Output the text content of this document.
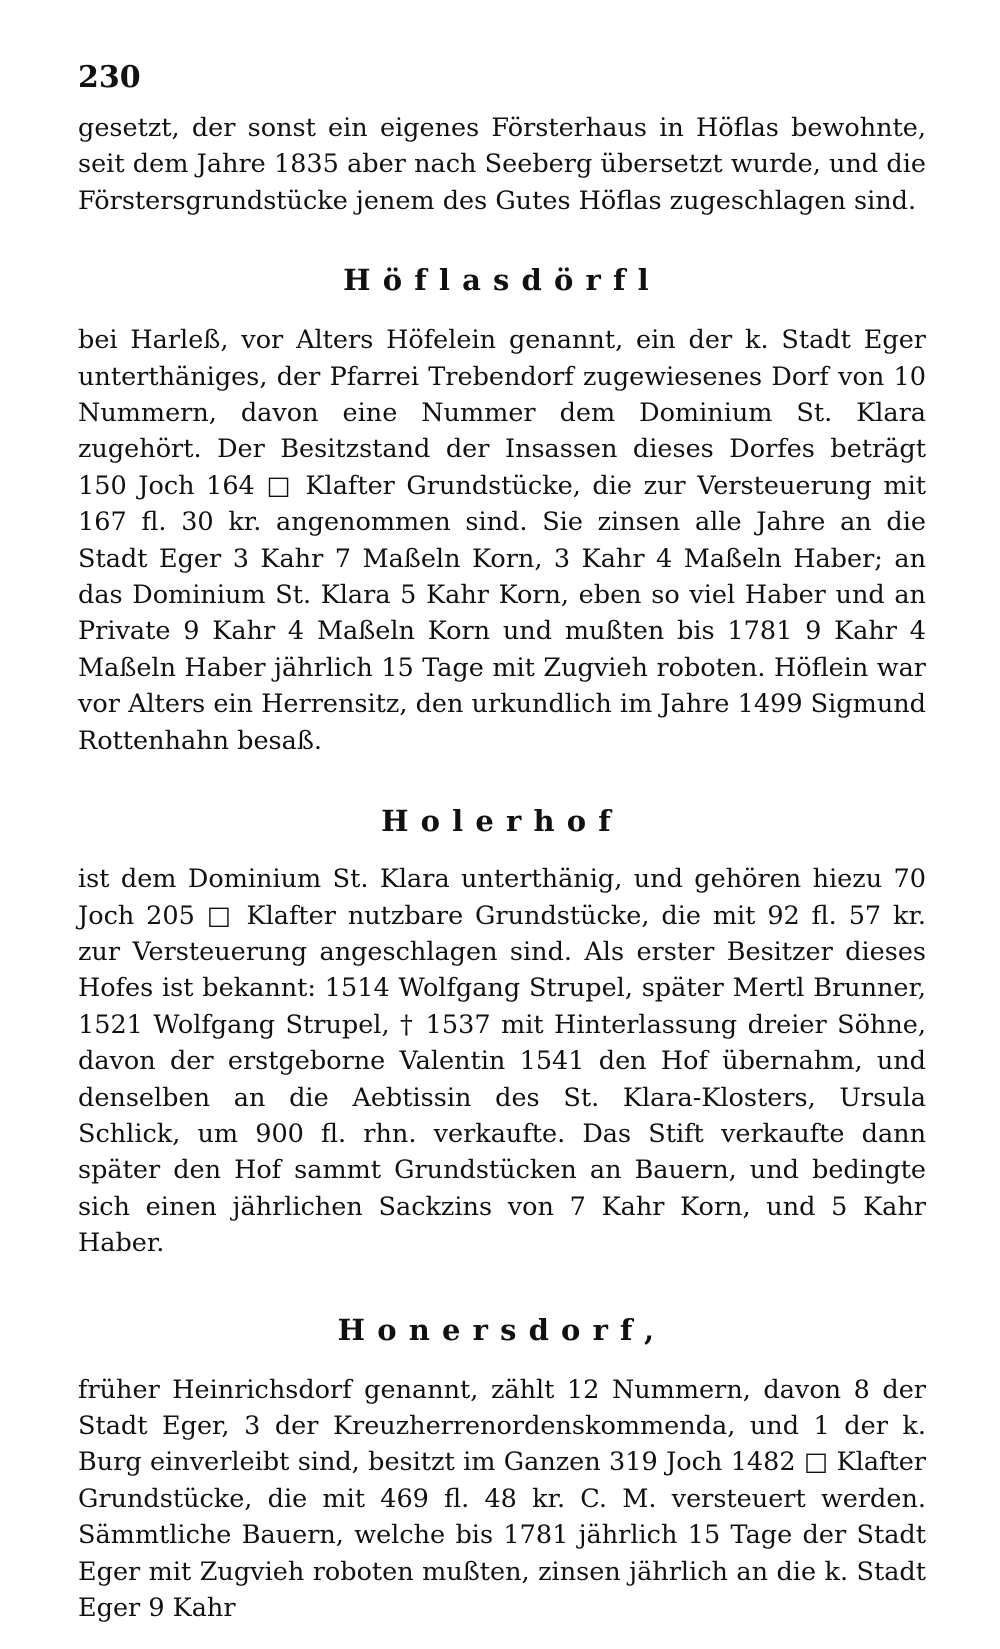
230

gesetzt, der sonst ein eigenes Försterhaus in Höflas bewohnte, seit dem Jahre 1835 aber nach Seeberg übersetzt wurde, und die Förstersgrundstücke jenem des Gutes Höflas zugeschlagen sind.

Höflasdörfl

bei Harleß, vor Alters Höfelein genannt, ein der k. Stadt Eger unterthäniges, der Pfarrei Trebendorf zugewiesenes Dorf von 10 Nummern, davon eine Nummer dem Dominium St. Klara zugehört. Der Besitzstand der Insassen dieses Dorfes beträgt 150 Joch 164 □ Klafter Grundstücke, die zur Versteuerung mit 167 fl. 30 kr. angenommen sind. Sie zinsen alle Jahre an die Stadt Eger 3 Kahr 7 Maßeln Korn, 3 Kahr 4 Maßeln Haber; an das Dominium St. Klara 5 Kahr Korn, eben so viel Haber und an Private 9 Kahr 4 Maßeln Korn und mußten bis 1781 9 Kahr 4 Maßeln Haber jährlich 15 Tage mit Zugvieh roboten. Höflein war vor Alters ein Herrensitz, den urkundlich im Jahre 1499 Sigmund Rottenhahn besaß.

Holerhof

ist dem Dominium St. Klara unterthänig, und gehören hiezu 70 Joch 205 □ Klafter nutzbare Grundstücke, die mit 92 fl. 57 kr. zur Versteuerung angeschlagen sind. Als erster Besitzer dieses Hofes ist bekannt: 1514 Wolfgang Strupel, später Mertl Brunner, 1521 Wolfgang Strupel, † 1537 mit Hinterlassung dreier Söhne, davon der erstgeborne Valentin 1541 den Hof übernahm, und denselben an die Aebtissin des St. Klara-Klosters, Ursula Schlick, um 900 fl. rhn. verkaufte. Das Stift verkaufte dann später den Hof sammt Grundstücken an Bauern, und bedingte sich einen jährlichen Sackzins von 7 Kahr Korn, und 5 Kahr Haber.

Honersdorf,

früher Heinrichsdorf genannt, zählt 12 Nummern, davon 8 der Stadt Eger, 3 der Kreuzherrenordenskommenda, und 1 der k. Burg einverleibt sind, besitzt im Ganzen 319 Joch 1482 □ Klafter Grundstücke, die mit 469 fl. 48 kr. C. M. versteuert werden. Sämmtliche Bauern, welche bis 1781 jährlich 15 Tage der Stadt Eger mit Zugvieh roboten mußten, zinsen jährlich an die k. Stadt Eger 9 Kahr
